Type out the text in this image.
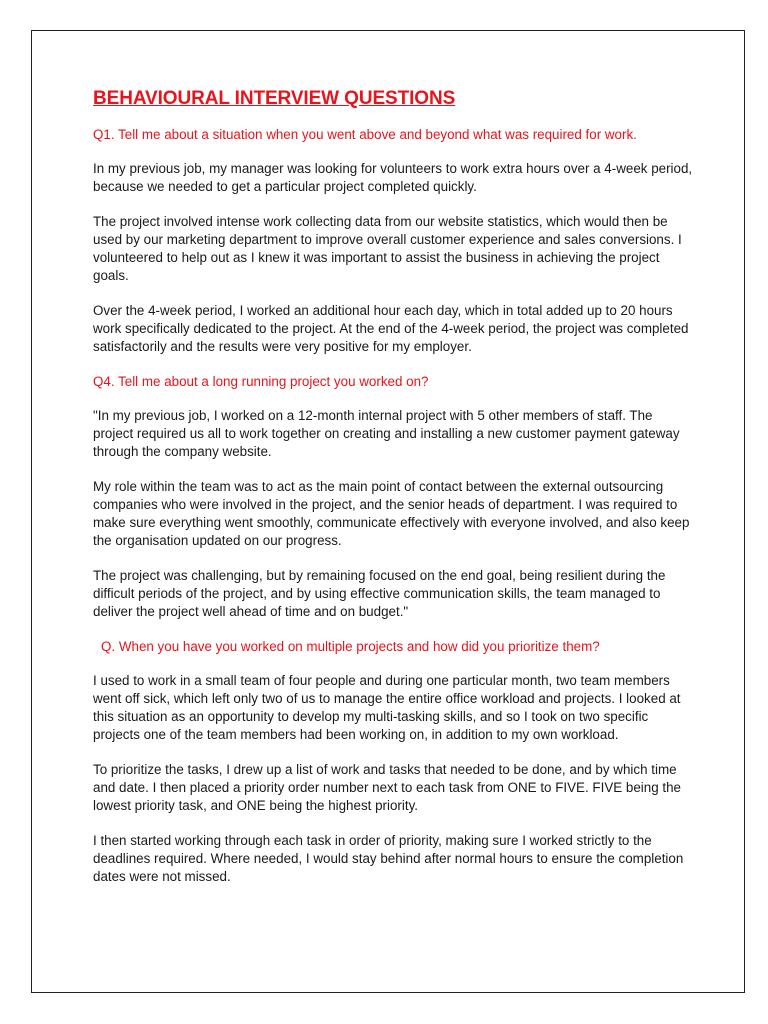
BEHAVIOURAL INTERVIEW QUESTIONS

Q1. Tell me about a situation when you went above and beyond what was required for work.

In my previous job, my manager was looking for volunteers to work extra hours over a 4-week period, because we needed to get a particular project completed quickly.

The project involved intense work collecting data from our website statistics, which would then be used by our marketing department to improve overall customer experience and sales conversions. I volunteered to help out as I knew it was important to assist the business in achieving the project goals.

Over the 4-week period, I worked an additional hour each day, which in total added up to 20 hours work specifically dedicated to the project. At the end of the 4-week period, the project was completed satisfactorily and the results were very positive for my employer.

Q4. Tell me about a long running project you worked on?

"In my previous job, I worked on a 12-month internal project with 5 other members of staff. The project required us all to work together on creating and installing a new customer payment gateway through the company website.

My role within the team was to act as the main point of contact between the external outsourcing companies who were involved in the project, and the senior heads of department. I was required to make sure everything went smoothly, communicate effectively with everyone involved, and also keep the organisation updated on our progress.

The project was challenging, but by remaining focused on the end goal, being resilient during the difficult periods of the project, and by using effective communication skills, the team managed to deliver the project well ahead of time and on budget."

Q. When you have you worked on multiple projects and how did you prioritize them?

I used to work in a small team of four people and during one particular month, two team members went off sick, which left only two of us to manage the entire office workload and projects. I looked at this situation as an opportunity to develop my multi-tasking skills, and so I took on two specific projects one of the team members had been working on, in addition to my own workload.

To prioritize the tasks, I drew up a list of work and tasks that needed to be done, and by which time and date. I then placed a priority order number next to each task from ONE to FIVE. FIVE being the lowest priority task, and ONE being the highest priority.

I then started working through each task in order of priority, making sure I worked strictly to the deadlines required. Where needed, I would stay behind after normal hours to ensure the completion dates were not missed.
